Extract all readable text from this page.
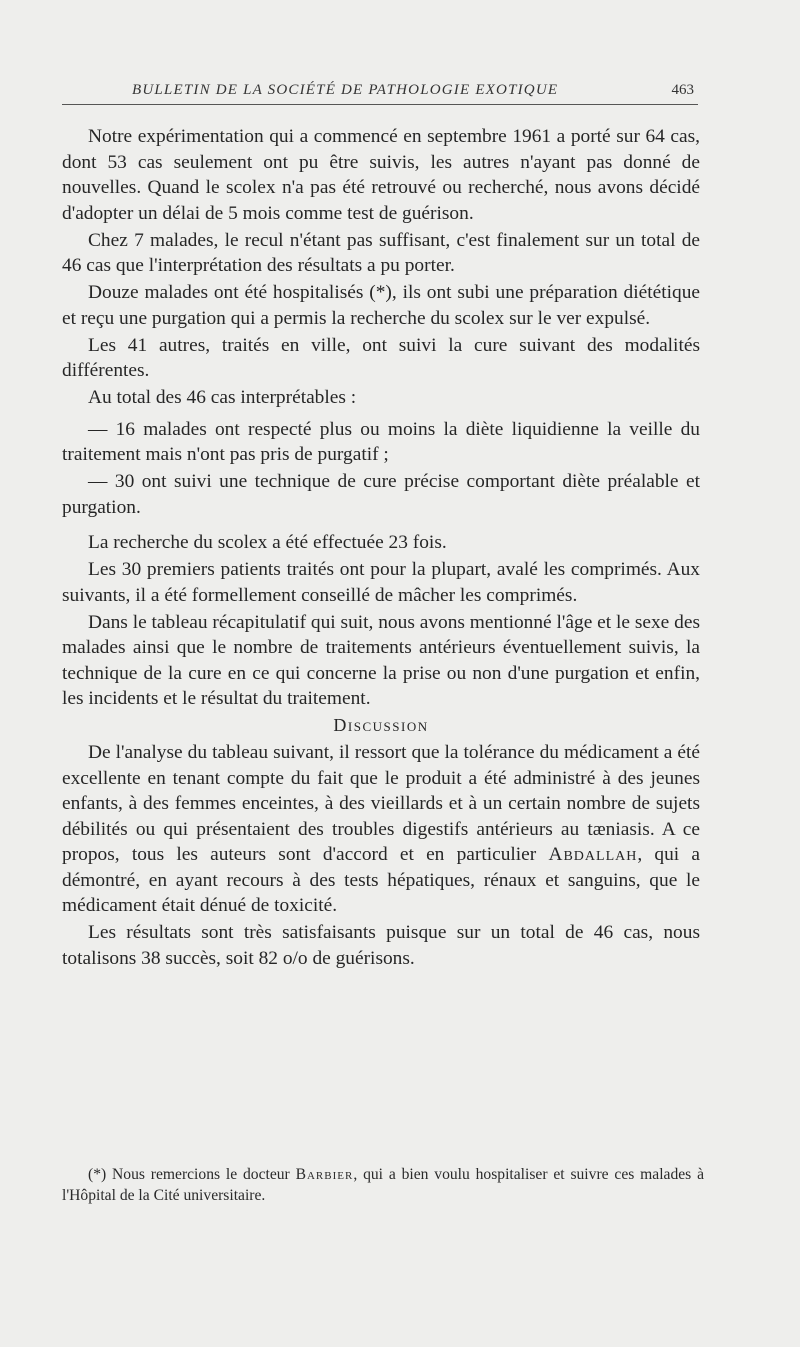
BULLETIN DE LA SOCIÉTÉ DE PATHOLOGIE EXOTIQUE	463

Notre expérimentation qui a commencé en septembre 1961 a porté sur 64 cas, dont 53 cas seulement ont pu être suivis, les autres n'ayant pas donné de nouvelles. Quand le scolex n'a pas été retrouvé ou recherché, nous avons décidé d'adopter un délai de 5 mois comme test de guérison.

Chez 7 malades, le recul n'étant pas suffisant, c'est finalement sur un total de 46 cas que l'interprétation des résultats a pu porter.

Douze malades ont été hospitalisés (*), ils ont subi une préparation diététique et reçu une purgation qui a permis la recherche du scolex sur le ver expulsé.

Les 41 autres, traités en ville, ont suivi la cure suivant des modalités différentes.

Au total des 46 cas interprétables :

— 16 malades ont respecté plus ou moins la diète liquidienne la veille du traitement mais n'ont pas pris de purgatif ;

— 30 ont suivi une technique de cure précise comportant diète préalable et purgation.

La recherche du scolex a été effectuée 23 fois.

Les 30 premiers patients traités ont pour la plupart, avalé les comprimés. Aux suivants, il a été formellement conseillé de mâcher les comprimés.

Dans le tableau récapitulatif qui suit, nous avons mentionné l'âge et le sexe des malades ainsi que le nombre de traitements antérieurs éventuellement suivis, la technique de la cure en ce qui concerne la prise ou non d'une purgation et enfin, les incidents et le résultat du traitement.

Discussion

De l'analyse du tableau suivant, il ressort que la tolérance du médicament a été excellente en tenant compte du fait que le produit a été administré à des jeunes enfants, à des femmes enceintes, à des vieillards et à un certain nombre de sujets débilités ou qui présentaient des troubles digestifs antérieurs au tæniasis. A ce propos, tous les auteurs sont d'accord et en particulier Abdallah, qui a démontré, en ayant recours à des tests hépatiques, rénaux et sanguins, que le médicament était dénué de toxicité.

Les résultats sont très satisfaisants puisque sur un total de 46 cas, nous totalisons 38 succès, soit 82 o/o de guérisons.

(*) Nous remercions le docteur Barbier, qui a bien voulu hospitaliser et suivre ces malades à l'Hôpital de la Cité universitaire.
